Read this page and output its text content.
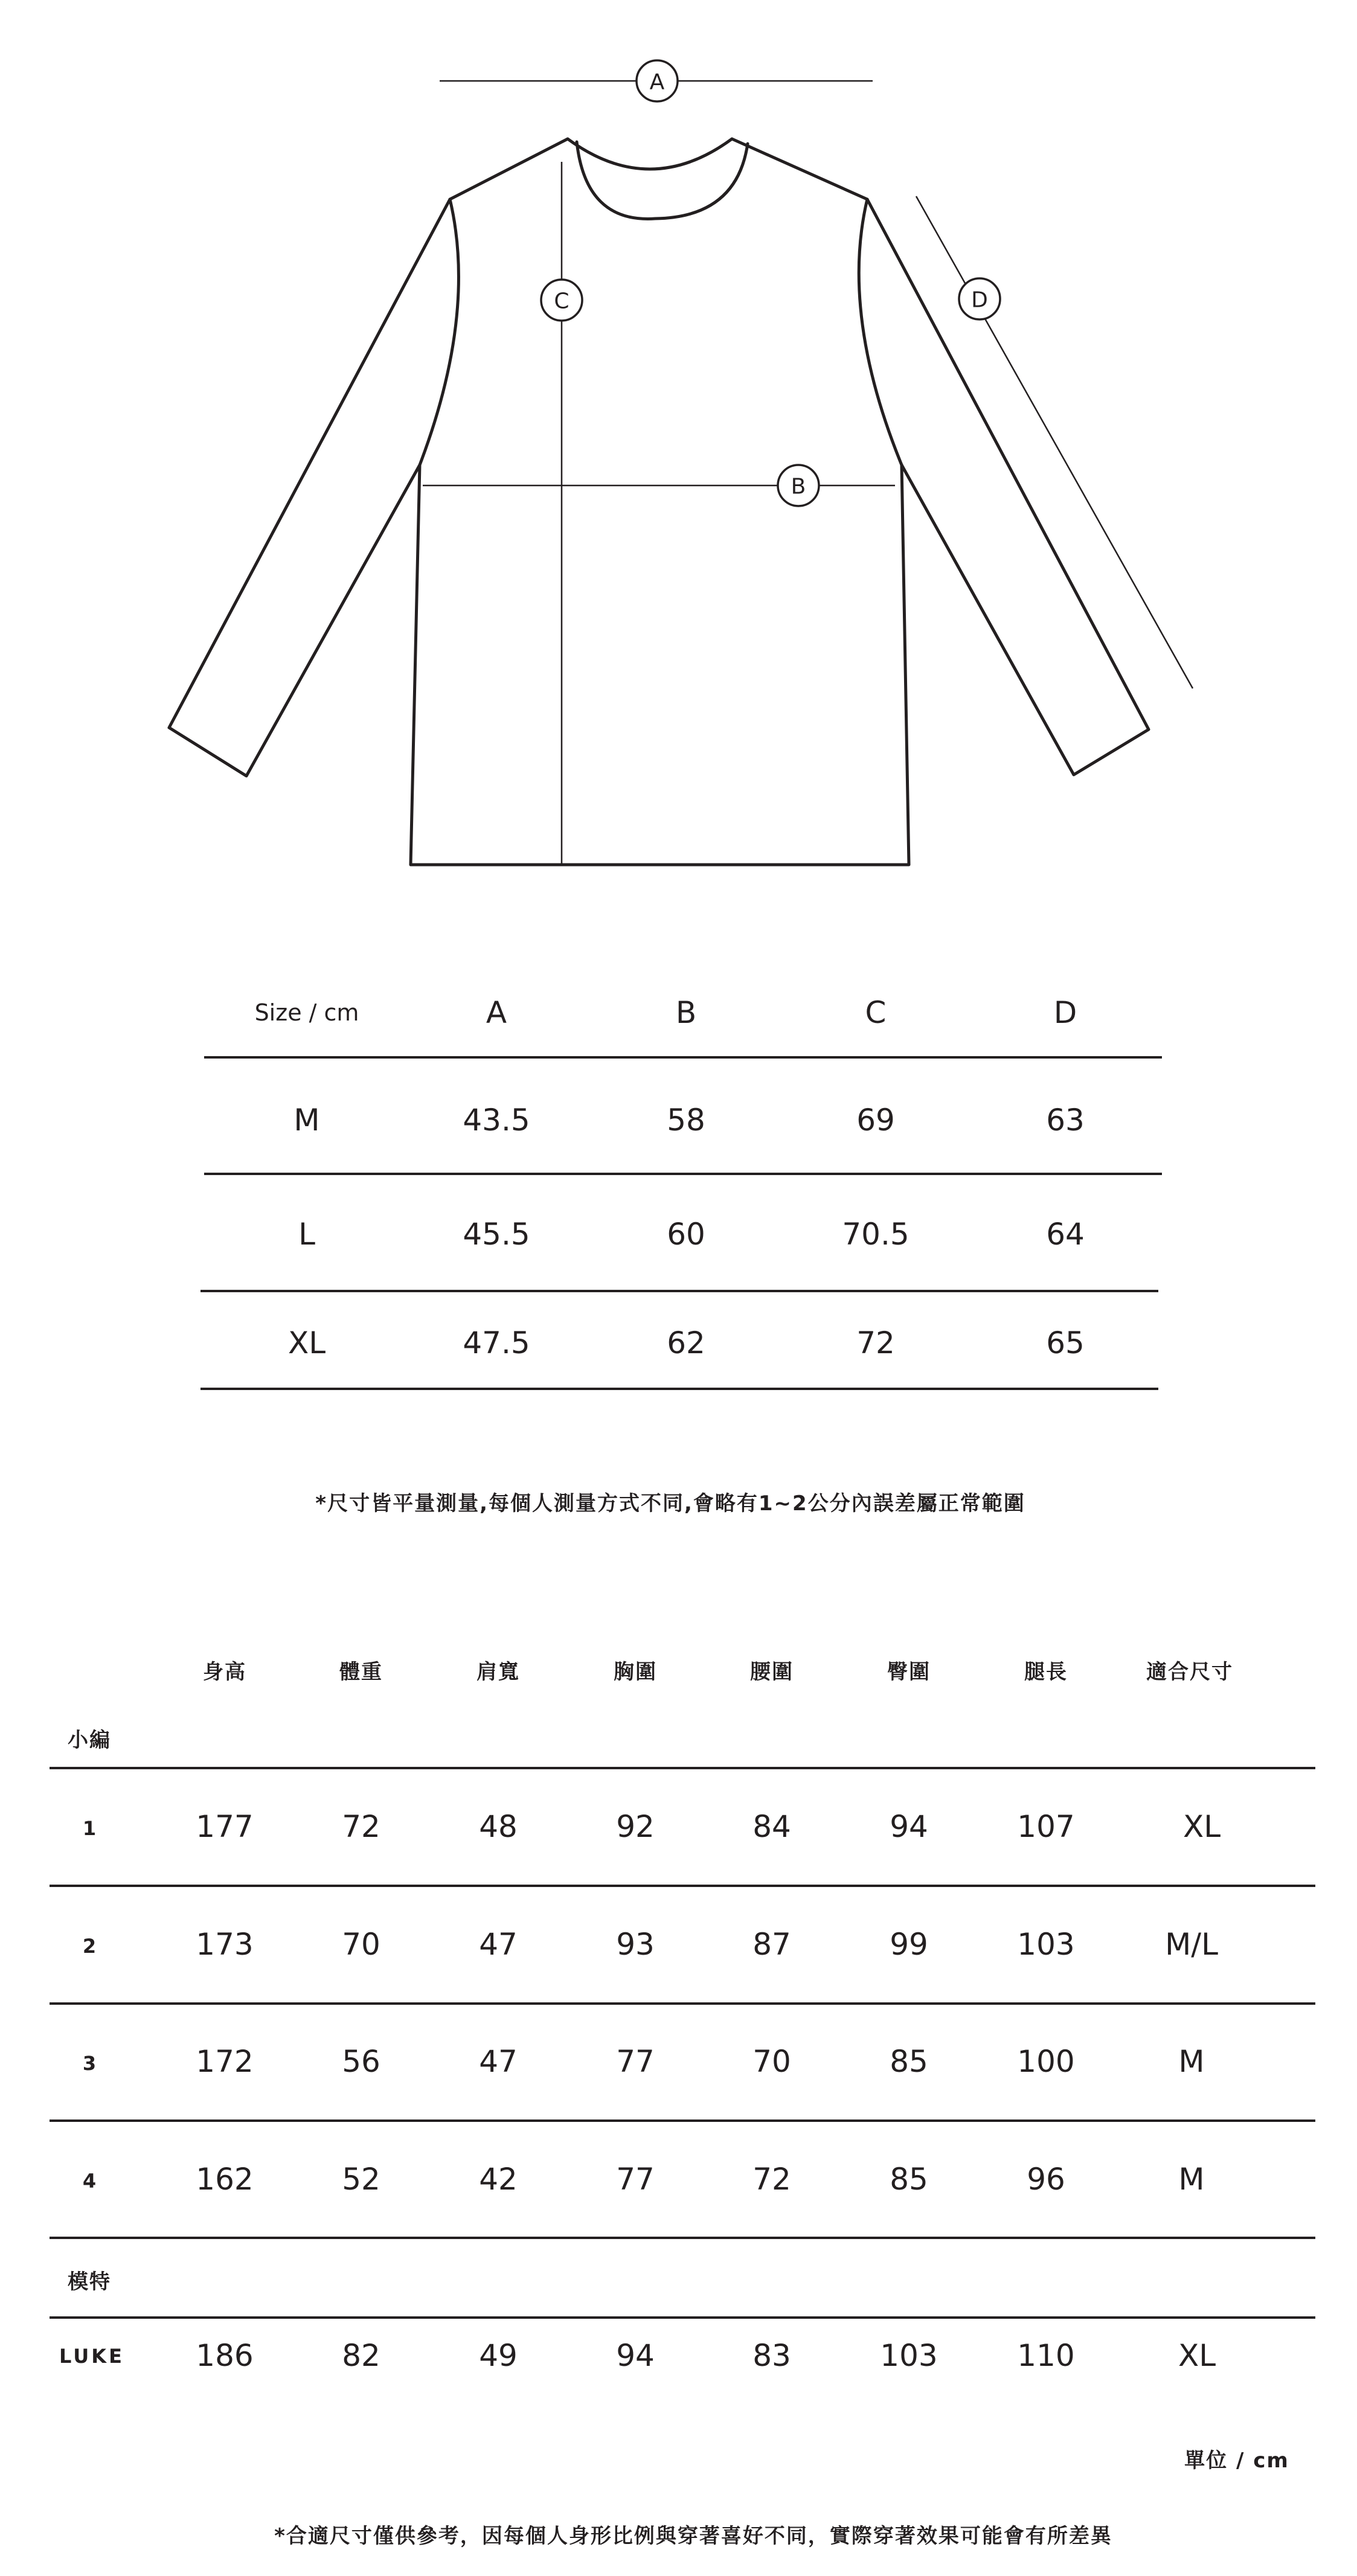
A
C
B
D
Size / cm	A	B	C	D
M	43.5	58	69	63
L	45.5	60	70.5	64
XL	47.5	62	72	65
*尺寸皆平量測量,每個人測量方式不同,會略有1~2公分內誤差屬正常範圍
身高	體重	肩寬	胸圍	腰圍	臀圍	腿長	適合尺寸
小編
1	177	72	48	92	84	94	107	XL
2	173	70	47	93	87	99	103	M/L
3	172	56	47	77	70	85	100	M
4	162	52	42	77	72	85	96	M
模特
LUKE 186	82	49	94	83	103	110	XL
單位 / cm
*合適尺寸僅供參考，因每個人身形比例與穿著喜好不同，實際穿著效果可能會有所差異
